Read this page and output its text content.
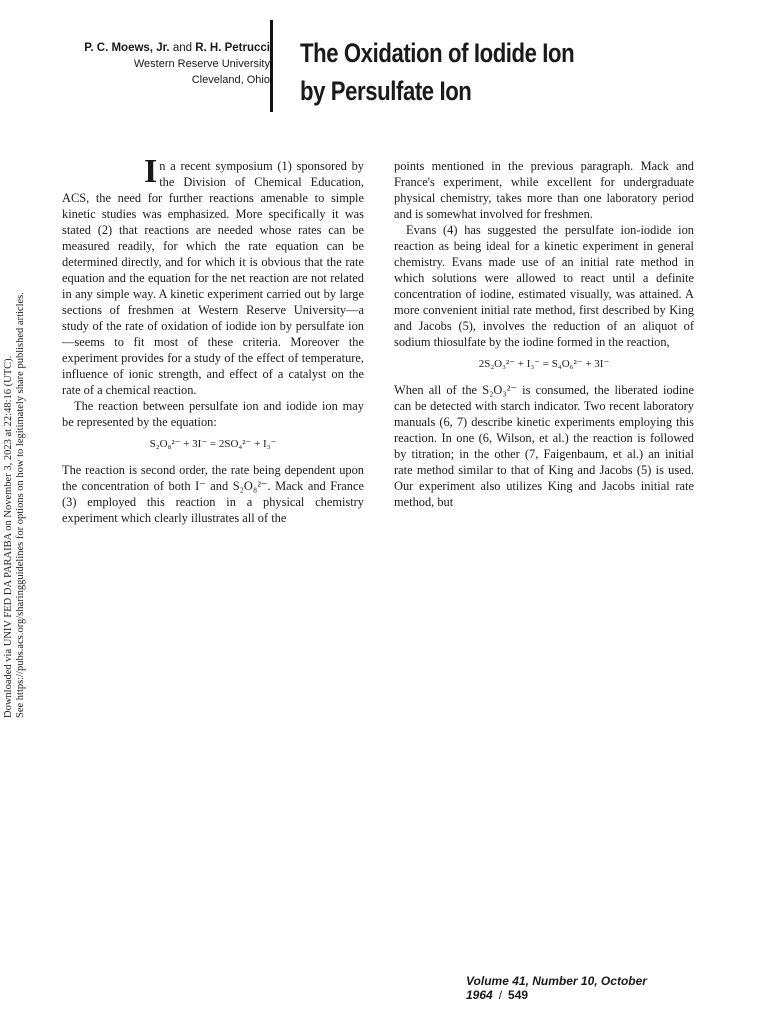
Downloaded via UNIV FED DA PARAIBA on November 3, 2023 at 22:48:16 (UTC). See https://pubs.acs.org/sharingguidelines for options on how to legitimately share published articles.
P. C. Moews, Jr. and R. H. Petrucci
Western Reserve University
Cleveland, Ohio
The Oxidation of Iodide Ion
by Persulfate Ion

In a recent symposium (1) sponsored by the Division of Chemical Education, ACS, the need for further reactions amenable to simple kinetic studies was emphasized. More specifically it was stated (2) that reactions are needed whose rates can be measured readily, for which the rate equation can be determined directly, and for which it is obvious that the rate equation and the equation for the net reaction are not related in any simple way. A kinetic experiment carried out by large sections of freshmen at Western Reserve University—a study of the rate of oxidation of iodide ion by persulfate ion—seems to fit most of these criteria. Moreover the experiment provides for a study of the effect of temperature, influence of ionic strength, and effect of a catalyst on the rate of a chemical reaction.

The reaction between persulfate ion and iodide ion may be represented by the equation:

S₂O₈²⁻ + 3I⁻ = 2SO₄²⁻ + I₃⁻

The reaction is second order, the rate being dependent upon the concentration of both I⁻ and S₂O₈²⁻. Mack and France (3) employed this reaction in a physical chemistry experiment which clearly illustrates all of the

points mentioned in the previous paragraph. Mack and France's experiment, while excellent for undergraduate physical chemistry, takes more than one laboratory period and is somewhat involved for freshmen.

Evans (4) has suggested the persulfate ion-iodide ion reaction as being ideal for a kinetic experiment in general chemistry. Evans made use of an initial rate method in which solutions were allowed to react until a definite concentration of iodine, estimated visually, was attained. A more convenient initial rate method, first described by King and Jacobs (5), involves the reduction of an aliquot of sodium thiosulfate by the iodine formed in the reaction,

2S₂O₃²⁻ + I₃⁻ = S₄O₆²⁻ + 3I⁻

When all of the S₂O₃²⁻ is consumed, the liberated iodine can be detected with starch indicator. Two recent laboratory manuals (6, 7) describe kinetic experiments employing this reaction. In one (6, Wilson, et al.) the reaction is followed by titration; in the other (7, Faigenbaum, et al.) an initial rate method similar to that of King and Jacobs (5) is used. Our experiment also utilizes King and Jacobs initial rate method, but

Volume 41, Number 10, October 1964 / 549
